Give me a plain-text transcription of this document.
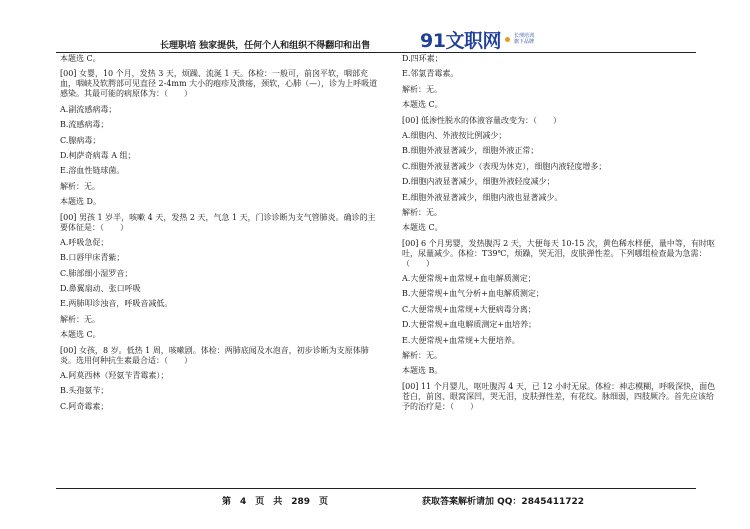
长理职培 独家提供，任何个人和组织不得翻印和出售	91文职网	长理培训
旗下品牌
本题选 C。
[00] 女婴，10 个月，发热 3 天，烦躁、流涎 1 天。体检：一般可，前囟平软，咽部充血，咽峡及软腭部可见直径 2-4mm 大小的疱疹及溃疡，颈软，心肺（—），诊为上呼吸道感染。其最可能的病原体为：（　　）
A.副流感病毒；
B.流感病毒；
C.腺病毒；
D.柯萨奇病毒 A 组；
E.溶血性链球菌。
解析：无。
本题选 D。
[00] 男孩 1 岁半，咳嗽 4 天，发热 2 天，气急 1 天，门诊诊断为支气管肺炎。确诊的主要体征是：（　　）
A.呼吸急促；
B.口唇甲床青紫；
C.肺部细小湿罗音；
D.鼻翼扇动、张口呼吸
E.两肺叩诊浊音，呼吸音减低。
解析：无。
本题选 C。
[00] 女孩，8 岁。低热 1 周，咳嗽剧。体检：两肺底闻及水泡音，初步诊断为支原体肺炎。选用何种抗生素最合适：（　　）
A.阿莫西林（羟氨苄青霉素）；
B.头孢氨苄；
C.阿奇霉素；
D.四环素；
E.邻氯青霉素。
解析：无。
本题选 C。
[00] 低渗性脱水的体液容量改变为：（　　）
A.细胞内、外液按比例减少；
B.细胞外液显著减少，细胞外液正常；
C.细胞外液显著减少（表现为休克），细胞内液轻度增多；
D.细胞内液显著减少，细胞外液轻度减少；
E.细胞外液显著减少，细胞内液也显著减少。
解析：无。
本题选 C。
[00] 6 个月男婴，发热腹泻 2 天，大便每天 10-15 次，黄色稀水样便，量中等，有时呕吐，尿量减少。体检：T39℃，烦躁，哭无泪，皮肤弹性差。下列哪组检查最为急需：（　　）
A.大便常规+血常规+血电解质测定；
B.大便常规+血气分析+血电解质测定；
C.大便常规+血常规+大便病毒分离；
D.大便常规+血电解质测定+血培养；
E.大便常规+血常规+大便培养。
解析：无。
本题选 B。
[00] 11 个月婴儿，呕吐腹泻 4 天，已 12 小时无尿。体检：神志模糊，呼吸深快，面色苍白，前囟、眼窝深凹，哭无泪，皮肤弹性差，有花纹。脉细弱，四肢厥冷。首先应该给予的治疗是：（　　）
第　4　页　共　289　页	获取答案解析请加 QQ：2845411722
